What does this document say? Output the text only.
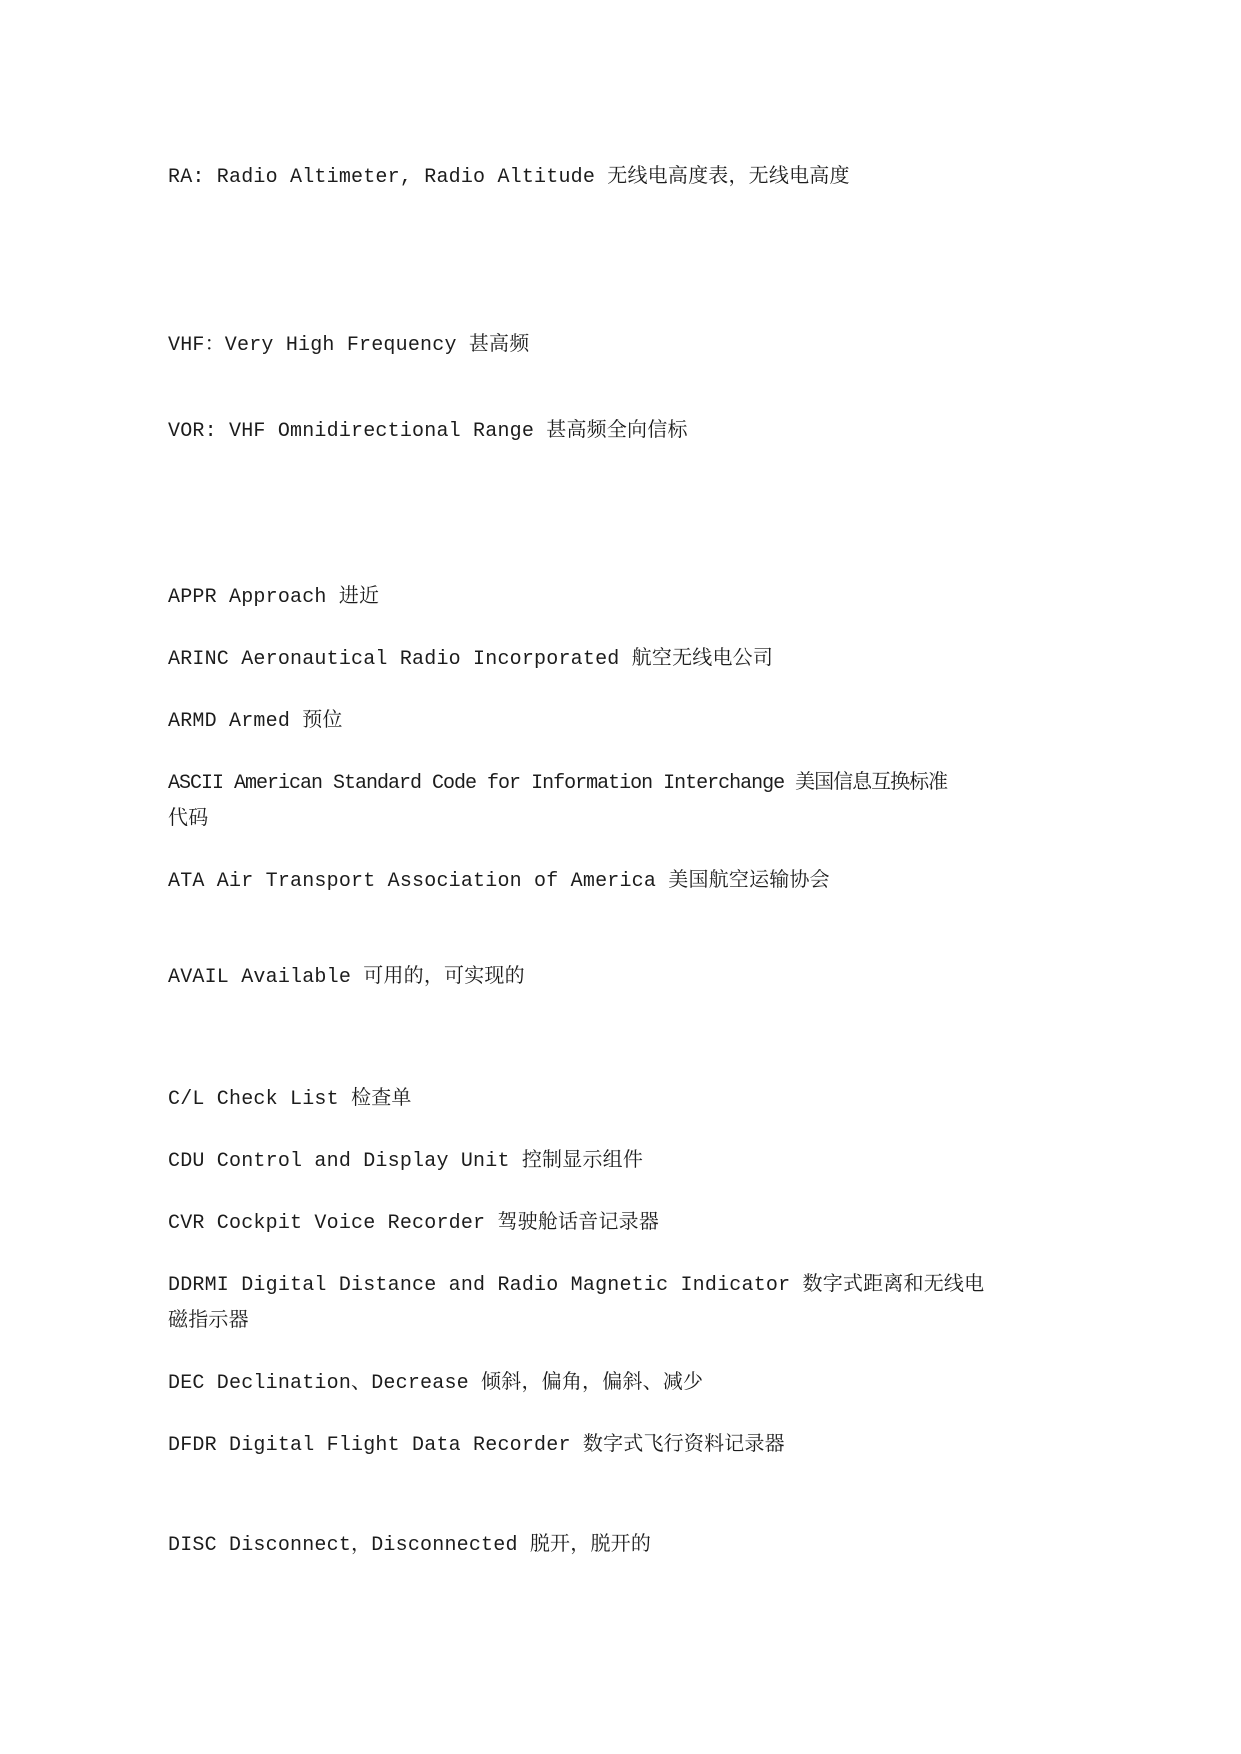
RA: Radio Altimeter, Radio Altitude 无线电高度表，无线电高度
VHF：Very High Frequency 甚高频
VOR: VHF Omnidirectional Range 甚高频全向信标
APPR Approach 进近
ARINC Aeronautical Radio Incorporated 航空无线电公司
ARMD Armed 预位
ASCII American Standard Code for Information Interchange 美国信息互换标准
代码
ATA Air Transport Association of America 美国航空运输协会
AVAIL Available 可用的，可实现的
C/L Check List 检查单
CDU Control and Display Unit 控制显示组件
CVR Cockpit Voice Recorder 驾驶舱话音记录器
DDRMI Digital Distance and Radio Magnetic Indicator 数字式距离和无线电
磁指示器
DEC Declination、Decrease 倾斜，偏角，偏斜、减少
DFDR Digital Flight Data Recorder 数字式飞行资料记录器
DISC Disconnect，Disconnected 脱开，脱开的
